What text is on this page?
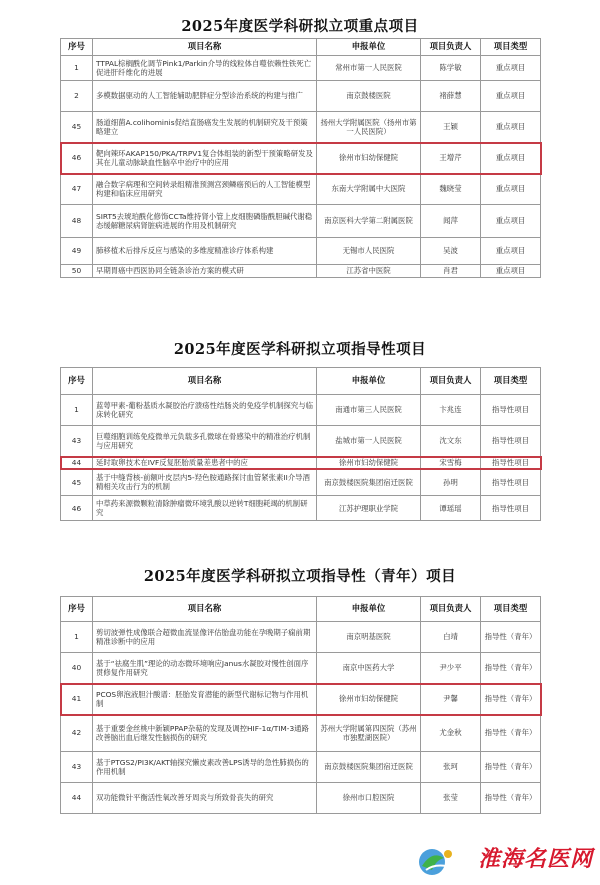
2025年度医学科研拟立项重点项目
序号	项目名称	申报单位	项目负责人	项目类型
1	TTPAL棕榈酰化调节Pink1/Parkin介导的线粒体自噬依赖性铁死亡促进肝纤维化的进展	常州市第一人民医院	陈学敏	重点项目
2	多模数据驱动的人工智能辅助肥胖症分型诊治系统的构建与推广	南京鼓楼医院	褚薛慧	重点项目
45	肠道细菌A.colihominis促结直肠癌发生发展的机制研究及干预策略建立	扬州大学附属医院（扬州市第一人民医院）	王颖	重点项目
46	靶向辣环AKAP150/PKA/TRPV1复合体组装的新型干预策略研发及其在儿童动脉缺血性脑卒中治疗中的应用	徐州市妇幼保健院	王增芹	重点项目
47	融合数字病理和空间转录组精准预测宫颈鳞癌预后的人工智能模型构建和临床应用研究	东南大学附属中大医院	魏晓莹	重点项目
48	SIRT5去琥珀酰化修饰CCTa维持肾小管上皮细胞磷脂酰胆碱代谢稳态缓解糖尿病肾脏病进展的作用及机制研究	南京医科大学第二附属医院	闻萍	重点项目
49	肺移植术后排斥反应与感染的多维度精准诊疗体系构建	无锡市人民医院	吴波	重点项目
50	早期胃癌中西医协同全链条诊治方案的模式研	江苏省中医院	肖君	重点项目
2025年度医学科研拟立项指导性项目
序号	项目名称	申报单位	项目负责人	项目类型
1	蓝萼甲素-葡粉基质水凝胶治疗溃疡性结肠炎的免疫学机制探究与临床转化研究	南通市第三人民医院	卞兆连	指导性项目
43	巨噬细胞训练免疫微单元负载多孔微球在骨感染中的精准治疗机制与应用研究	盐城市第一人民医院	沈文东	指导性项目
44	延时取卵技术在IVF反复胚胎质量差患者中的应	徐州市妇幼保健院	宋雪梅	指导性项目
45	基于中缝背核-前额叶皮层内5-羟色胺通路探讨血管紧张素II介导酒精相关攻击行为的机制	南京鼓楼医院集团宿迁医院	孙明	指导性项目
46	中草药来源微颗粒清除肿瘤微环境乳酸以逆转T细胞耗竭的机制研究	江苏护理职业学院	谭瑶瑶	指导性项目
2025年度医学科研拟立项指导性（青年）项目
序号	项目名称	申报单位	项目负责人	项目类型
1	剪切波弹性成像联合超微血流显像评估胎盘功能在孕晚期子痫前期精准诊断中的应用	南京明基医院	白靖	指导性（青年）
40	基于“祛腐生肌”理论的动态微环境响应Janus水凝胶对慢性创面序贯修复作用研究	南京中医药大学	尹少平	指导性（青年）
41	PCOS卵泡液胆汁酸谱：胚胎发育潜能的新型代谢标记物与作用机制	徐州市妇幼保健院	尹馨	指导性（青年）
42	基于重要金丝桃中新颖PPAP杂萜的发现及调控HIF-1α/TIM-3通路改善脑出血后继发性脑损伤的研究	苏州大学附属第四医院（苏州市独墅湖医院）	尤金秋	指导性（青年）
43	基于PTGS2/PI3K/AKT轴探究懒皮素改善LPS诱导的急性肺损伤的作用机制	南京鼓楼医院集团宿迁医院	张珂	指导性（青年）
44	双功能微针平衡活性氧改善牙周炎与所致骨丧失的研究	徐州市口腔医院	张莹	指导性（青年）
淮海名医网
